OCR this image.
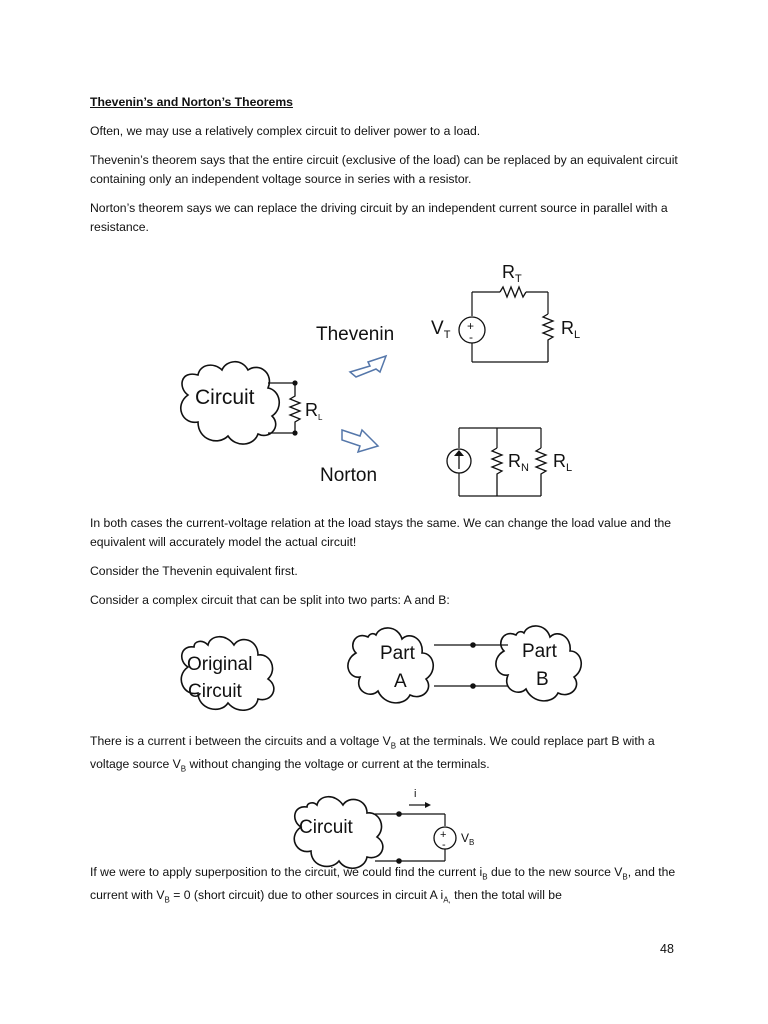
Thevenin’s and Norton’s Theorems

Often, we may use a relatively complex circuit to deliver power to a load.

Thevenin’s theorem says that the entire circuit (exclusive of the load) can be replaced by an equivalent circuit containing only an independent voltage source in series with a resistor.

Norton’s theorem says we can replace the driving circuit by an independent current source in parallel with a resistance.

Circuit
$R_L$
Thevenin
Norton
$R_T$
+
-
$V_T$	$R_L$
$R_N$ $R_L$

In both cases the current-voltage relation at the load stays the same. We can change the load value and the equivalent will accurately model the actual circuit!

Consider the Thevenin equivalent first.

Consider a complex circuit that can be split into two parts: A and B:

Original
Circuit
Part
A
Part
B

There is a current i between the circuits and a voltage $V_B$ at the terminals. We could replace part B with a voltage source $V_B$ without changing the voltage or current at the terminals.

Circuit
i
+
- $V_B$

If we were to apply superposition to the circuit, we could find the current $i_B$ due to the new source $V_B$, and the current with $V_B = 0$ (short circuit) due to other sources in circuit A $i_{A,}$ then the total will be

48
